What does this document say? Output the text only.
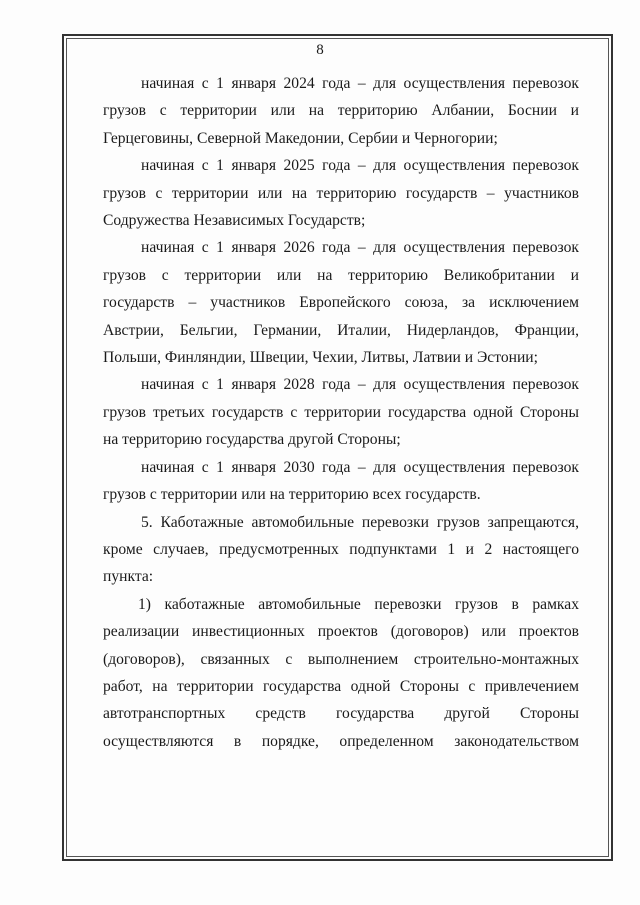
8

начиная с 1 января 2024 года – для осуществления перевозок
грузов с территории или на территорию Албании, Боснии и
Герцеговины, Северной Македонии, Сербии и Черногории;

начиная с 1 января 2025 года – для осуществления перевозок
грузов с территории или на территорию государств – участников
Содружества Независимых Государств;

начиная с 1 января 2026 года – для осуществления перевозок
грузов с территории или на территорию Великобритании и
государств – участников Европейского союза, за исключением
Австрии, Бельгии, Германии, Италии, Нидерландов, Франции,
Польши, Финляндии, Швеции, Чехии, Литвы, Латвии и Эстонии;

начиная с 1 января 2028 года – для осуществления перевозок
грузов третьих государств с территории государства одной Стороны
на территорию государства другой Стороны;

начиная с 1 января 2030 года – для осуществления перевозок
грузов с территории или на территорию всех государств.

5. Каботажные автомобильные перевозки грузов запрещаются,
кроме случаев, предусмотренных подпунктами 1 и 2 настоящего
пункта:

1) каботажные автомобильные перевозки грузов в рамках
реализации инвестиционных проектов (договоров) или проектов
(договоров), связанных с выполнением строительно-монтажных
работ, на территории государства одной Стороны с привлечением
автотранспортных средств государства другой Стороны
осуществляются в порядке, определенном законодательством
